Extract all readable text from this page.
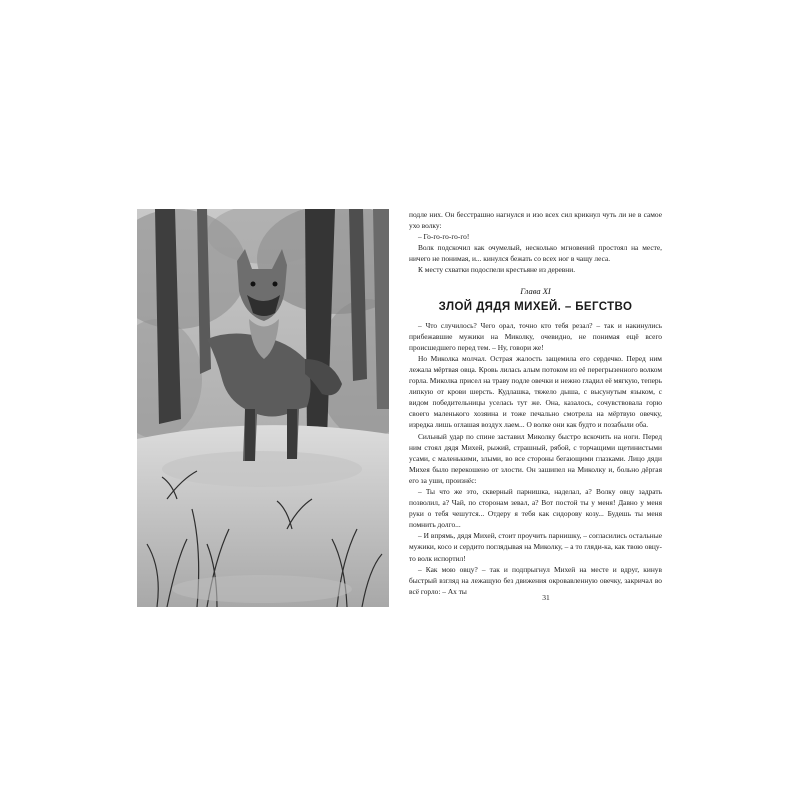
подле них. Он бесстрашно нагнулся и изо всех сил крикнул чуть ли не в самое ухо волку:

– Го-го-го-го-го!

Волк подскочил как очумелый, несколько мгновений простоял на месте, ничего не понимая, и... кинулся бежать со всех ног в чащу леса.

К месту схватки подоспели крестьяне из деревни.

Глава XI
ЗЛОЙ ДЯДЯ МИХЕЙ. – БЕГСТВО

– Что случилось? Чего орал, точно кто тебя резал? – так и накинулись прибежавшие мужики на Миколку, очевидно, не понимая ещё всего происшедшего перед тем. – Ну, говори же!

Но Миколка молчал. Острая жалость защемила его сердечко. Перед ним лежала мёртвая овца. Кровь лилась алым потоком из её перегрызенного волком горла. Миколка присел на траву подле овечки и нежно гладил её мягкую, теперь липкую от крови шерсть. Кудлашка, тяжело дыша, с высунутым языком, с видом победительницы уселась тут же. Она, казалось, сочувствовала горю своего маленького хозяина и тоже печально смотрела на мёртвую овечку, изредка лишь оглашая воздух лаем... О волке они как будто и позабыли оба.

Сильный удар по спине заставил Миколку быстро вскочить на ноги. Перед ним стоял дядя Михей, рыжий, страшный, рябой, с торчащими щетинистыми усами, с маленькими, злыми, во все стороны бегающими глазками. Лицо дяди Михея было перекошено от злости. Он зашипел на Миколку и, больно дёргая его за уши, произнёс:

– Ты что же это, скверный парнишка, наделал, а? Волку овцу задрать позволил, а? Чай, по сторонам зевал, а? Вот постой ты у меня! Давно у меня руки о тебя чешутся... Отдеру я тебя как сидорову козу... Будешь ты меня помнить долго...

– И впрямь, дядя Михей, стоит проучить парнишку, – согласились остальные мужики, косо и сердито поглядывая на Миколку, – а то гляди-ка, как твою овцу-то волк испортил!

– Как мою овцу? – так и подпрыгнул Михей на месте и вдруг, кинув быстрый взгляд на лежащую без движения окровавленную овечку, закричал во всё горло: – Ах ты

31
